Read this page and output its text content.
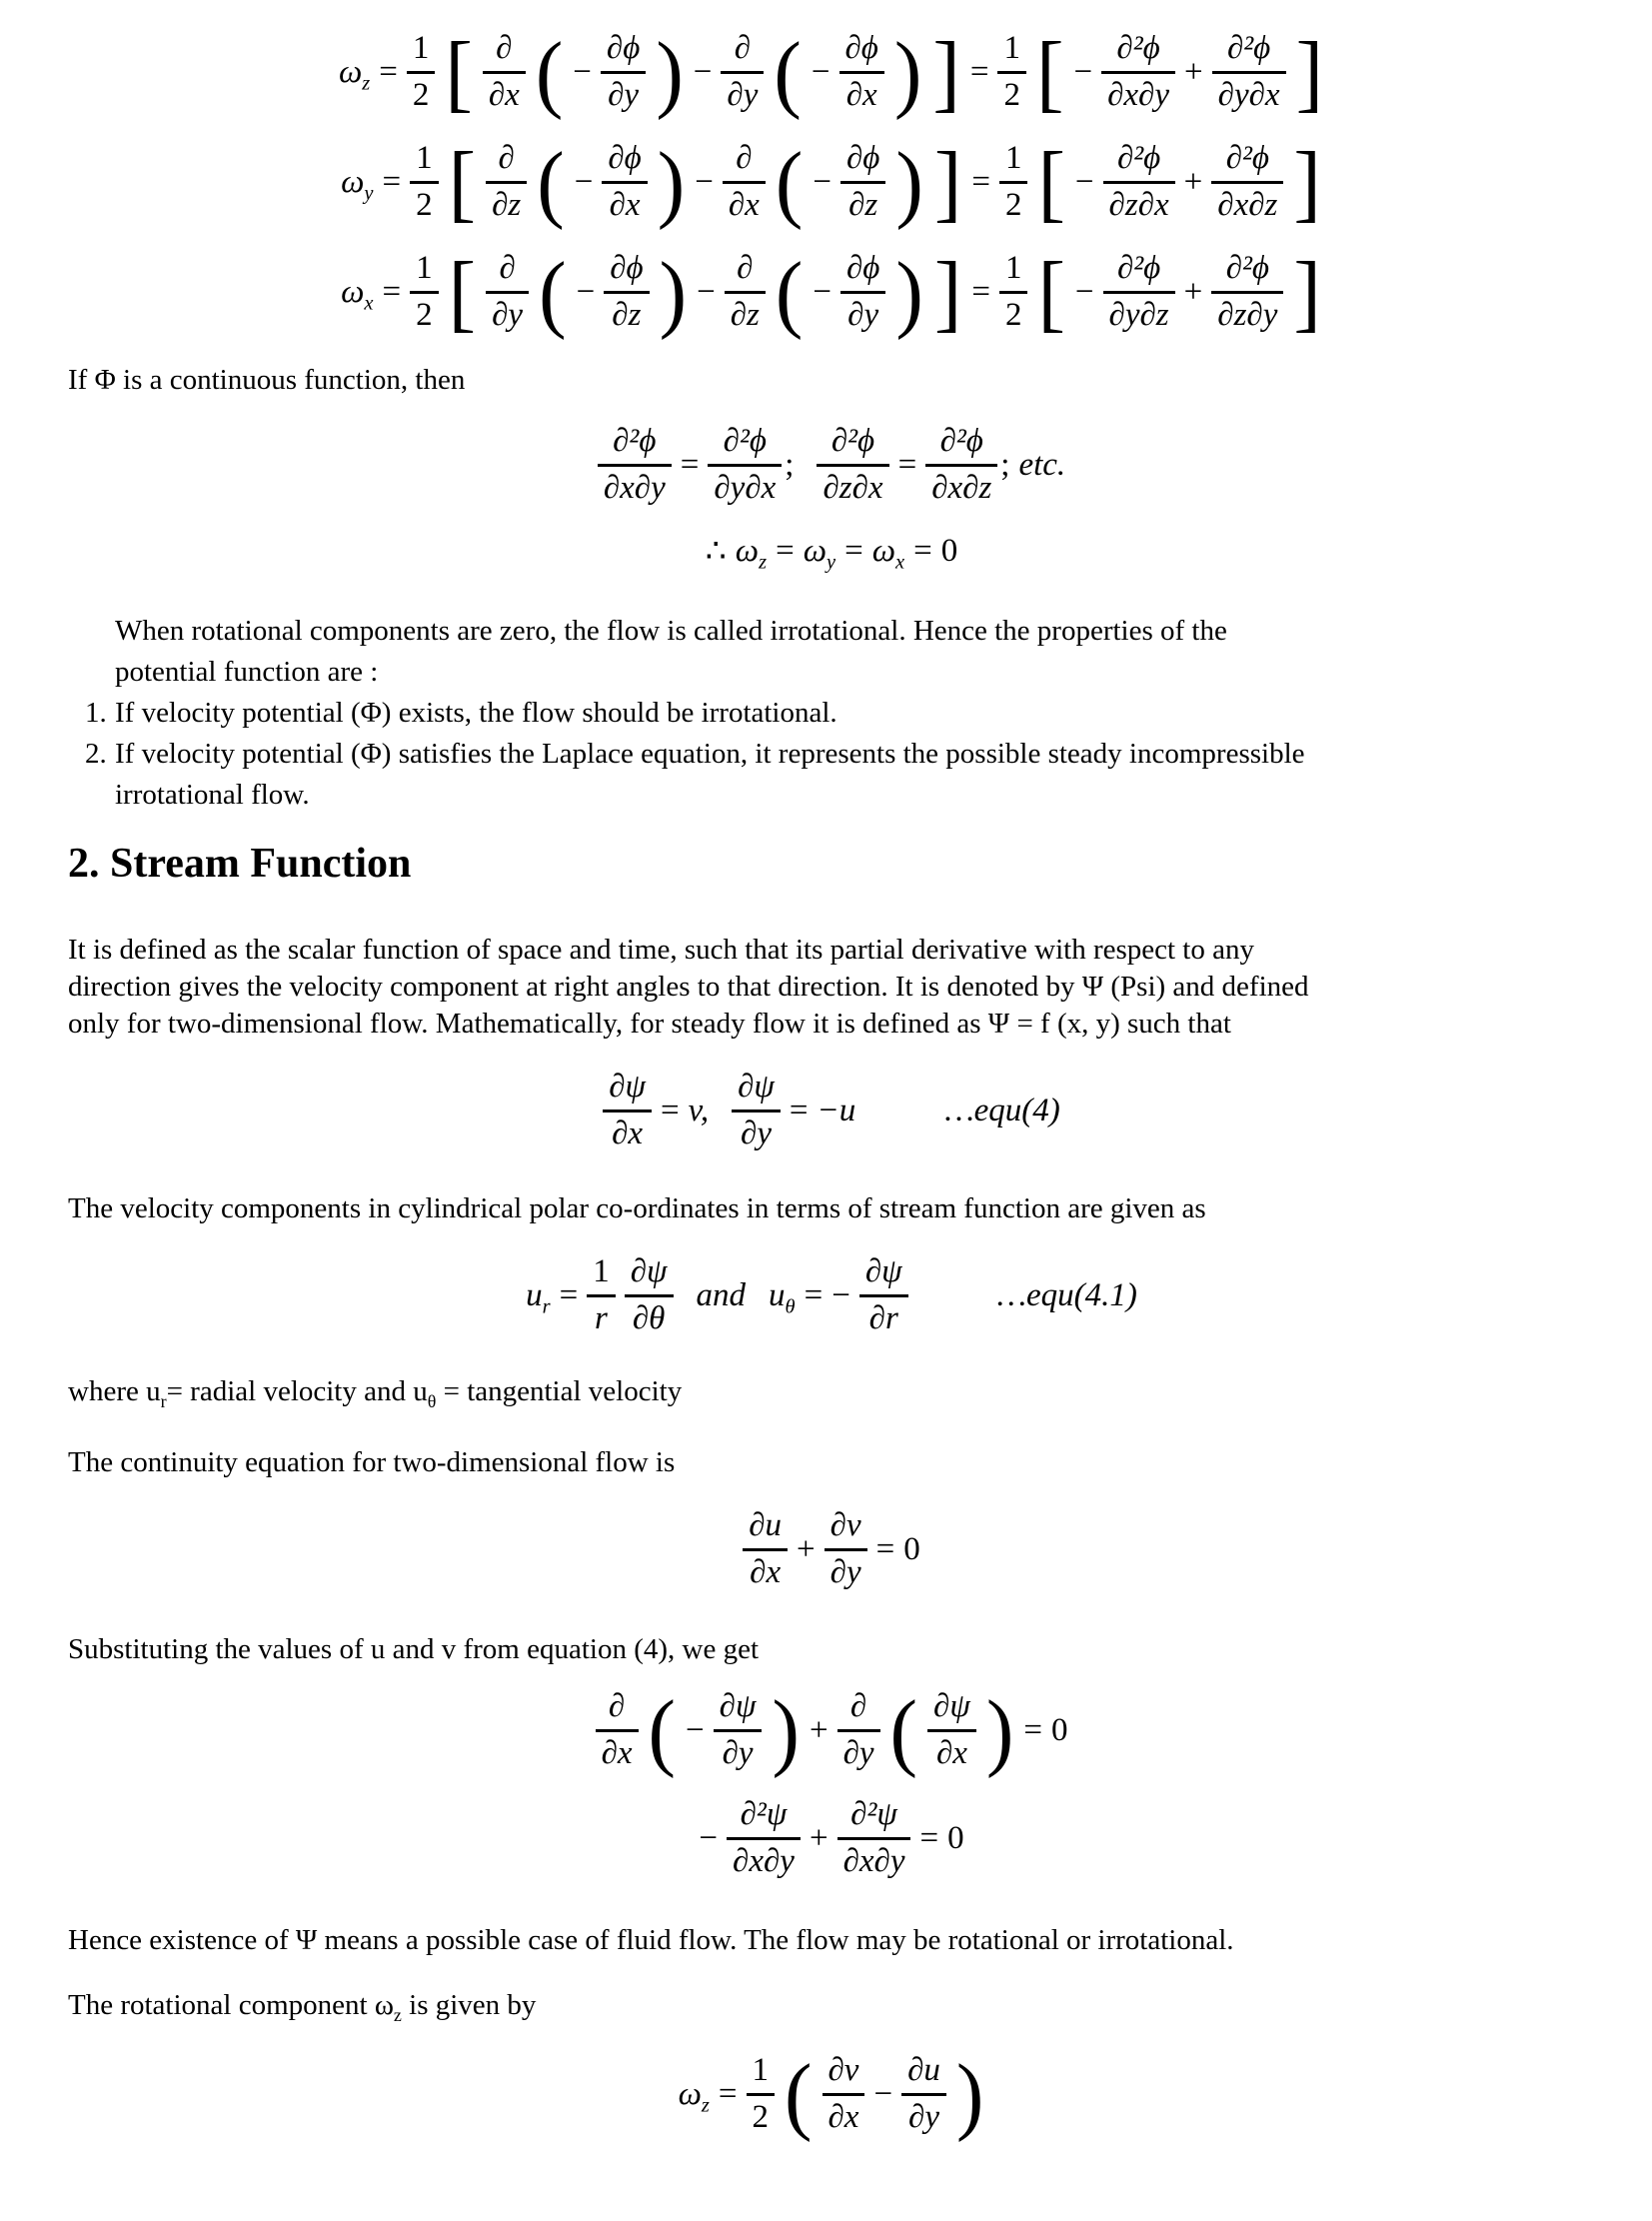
$\omega_z = \frac{1}{2}$ [ $\frac{\partial}{\partial x}$ ( − $\frac{\partial\phi}{\partial y}$ ) − $\frac{\partial}{\partial y}$ ( − $\frac{\partial\phi}{\partial x}$ ) ] = $\frac{1}{2}$ [ − $\frac{\text{∂²ϕ}}{\partial x\partial y} + \frac{\text{∂²ϕ}}{\partial y\partial x}$ ]
$\omega_y = \frac{1}{2}$ [ $\frac{\partial}{\partial z}$ ( − $\frac{\partial\phi}{\partial x}$ ) − $\frac{\partial}{\partial x}$ ( − $\frac{\partial\phi}{\partial z}$ ) ] = $\frac{1}{2}$ [ − $\frac{\text{∂²ϕ}}{\partial z\partial x} + \frac{\text{∂²ϕ}}{\partial x\partial z}$ ]
$\omega_x = \frac{1}{2}$ [ $\frac{\partial}{\partial y}$ ( − $\frac{\partial\phi}{\partial z}$ ) − $\frac{\partial}{\partial z}$ ( − $\frac{\partial\phi}{\partial y}$ ) ] = $\frac{1}{2}$ [ − $\frac{\text{∂²ϕ}}{\partial y\partial z} + \frac{\text{∂²ϕ}}{\partial z\partial y}$ ]
If Φ is a continuous function, then
$\frac{\text{∂²ϕ}}{\partial x\partial y} = \frac{\text{∂²ϕ}}{\partial y\partial x}$ ; $\frac{\text{∂²ϕ}}{\partial z\partial x} = \frac{\text{∂²ϕ}}{\partial x\partial z}$ ; etc.
∴ $\omega_z = \omega_y = \omega_x = 0$
When rotational components are zero, the flow is called irrotational. Hence the properties of the
potential function are :
1. If velocity potential (Φ) exists, the flow should be irrotational.
2. If velocity potential (Φ) satisfies the Laplace equation, it represents the possible steady incompressible
irrotational flow.
2. Stream Function
It is defined as the scalar function of space and time, such that its partial derivative with respect to any
direction gives the velocity component at right angles to that direction. It is denoted by Ψ (Psi) and defined
only for two-dimensional flow. Mathematically, for steady flow it is defined as Ψ = f (x, y) such that
$\frac{\partial\psi}{\partial x} = v$, $\frac{\partial\psi}{\partial y} = -u$	…equ(4)
The velocity components in cylindrical polar co-ordinates in terms of stream function are given as
$u_r = \frac{1}{r} \frac{\partial\psi}{\partial\theta}$ and $u_\theta$ = − $\frac{\partial\psi}{\partial r}$	…equ(4.1)
where $u_r=$ radial velocity and $u_\theta$ = tangential velocity
The continuity equation for two-dimensional flow is
$\frac{\partial u}{\partial x} + \frac{\partial v}{\partial y} = 0$
Substituting the values of u and v from equation (4), we get
$\frac{\partial}{\partial x}$ ( − $\frac{\partial\psi}{\partial y}$ ) + $\frac{\partial}{\partial y}$ ( $\frac{\partial\psi}{\partial x}$ ) = 0
− $\frac{\text{∂²ψ}}{\partial x\partial y} + \frac{\text{∂²ψ}}{\partial x\partial y} = 0$
Hence existence of Ψ means a possible case of fluid flow. The flow may be rotational or irrotational.
The rotational component $\omega_z$ is given by
$\omega_z = \frac{1}{2}$ ( $\frac{\partial v}{\partial x} - \frac{\partial u}{\partial y}$ )
